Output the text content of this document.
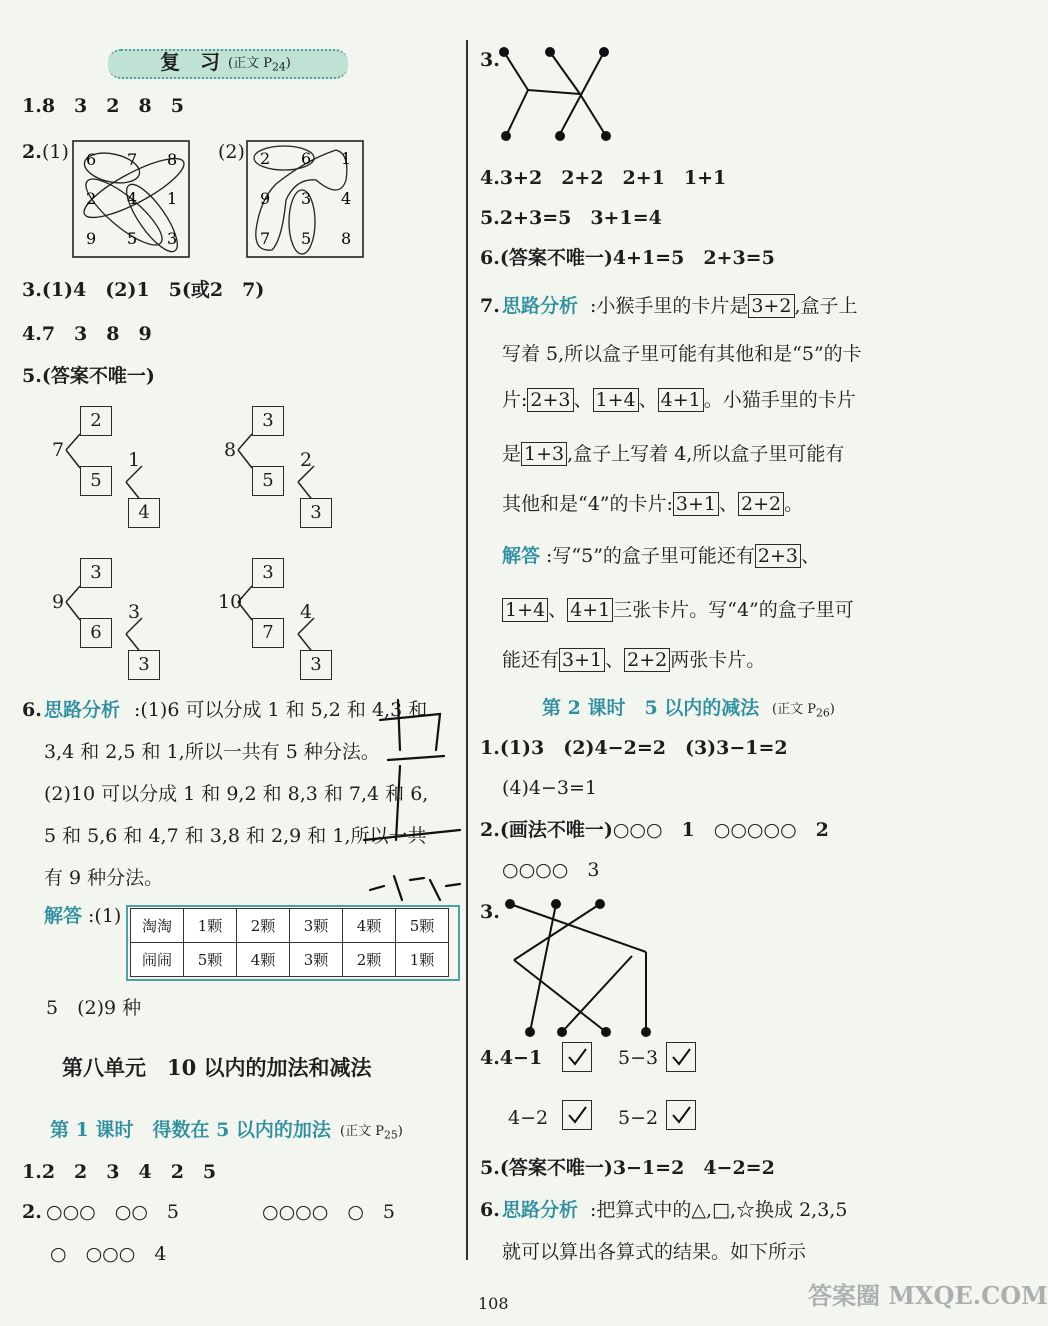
复　习 (正文 $P_{24}$)
1.8　3　2　8　5
2. (1)	(2)
6 7 8
2 4 1
9 5 3
2 6 1
9 3 4
7 5 8
3.(1)4　(2)1　5(或2　7)
4.7　3　8　9
5.(答案不唯一)
2
7
5
1
4
3
8
5
2
3
3
9
6
3
3
3
10
7
4
3
6. 思路分析 :(1)6 可以分成 1 和 5,2 和 4,3 和
3,4 和 2,5 和 1,所以一共有 5 种分法。
(2)10 可以分成 1 和 9,2 和 8,3 和 7,4 和 6,
5 和 5,6 和 4,7 和 3,8 和 2,9 和 1,所以一共
有 9 种分法。
解答 :(1) 淘淘	1颗	2颗	3颗	4颗	5颗
闹闹	5颗	4颗	3颗	2颗	1颗
5　(2)9 种
第八单元　10 以内的加法和减法
第 1 课时　得数在 5 以内的加法 (正文 $P_{25}$)
1.2　2　3　4　2　5
2. ○○○　○○　5	○○○○　○　5
○　○○○　4
3.
4.3+2　2+2　2+1　1+1
5.2+3=5　3+1=4
6.(答案不唯一)4+1=5　2+3=5
7. 思路分析 :小猴手里的卡片是 3+2 ,盒子上
写着 5,所以盒子里可能有其他和是“5”的卡
片: 2+3 、 1+4 、 4+1 。小猫手里的卡片
是 1+3 ,盒子上写着 4,所以盒子里可能有
其他和是“4”的卡片: 3+1 、 2+2 。
解答 :写“5”的盒子里可能还有 2+3 、
1+4 、 4+1 三张卡片。写“4”的盒子里可
能还有 3+1 、 2+2 两张卡片。
第 2 课时　5 以内的减法 (正文 $P_{26}$)
1.(1)3　(2)4−2=2　(3)3−1=2
(4)4−3=1
2.(画法不唯一)○○○　1　○○○○○　2
○○○○　3
3.
4.4−1	5−3
4−2	5−2
5.(答案不唯一)3−1=2　4−2=2
6. 思路分析 :把算式中的△,□,☆换成 2,3,5
就可以算出各算式的结果。如下所示
108	答案圈 MXQE.COM
